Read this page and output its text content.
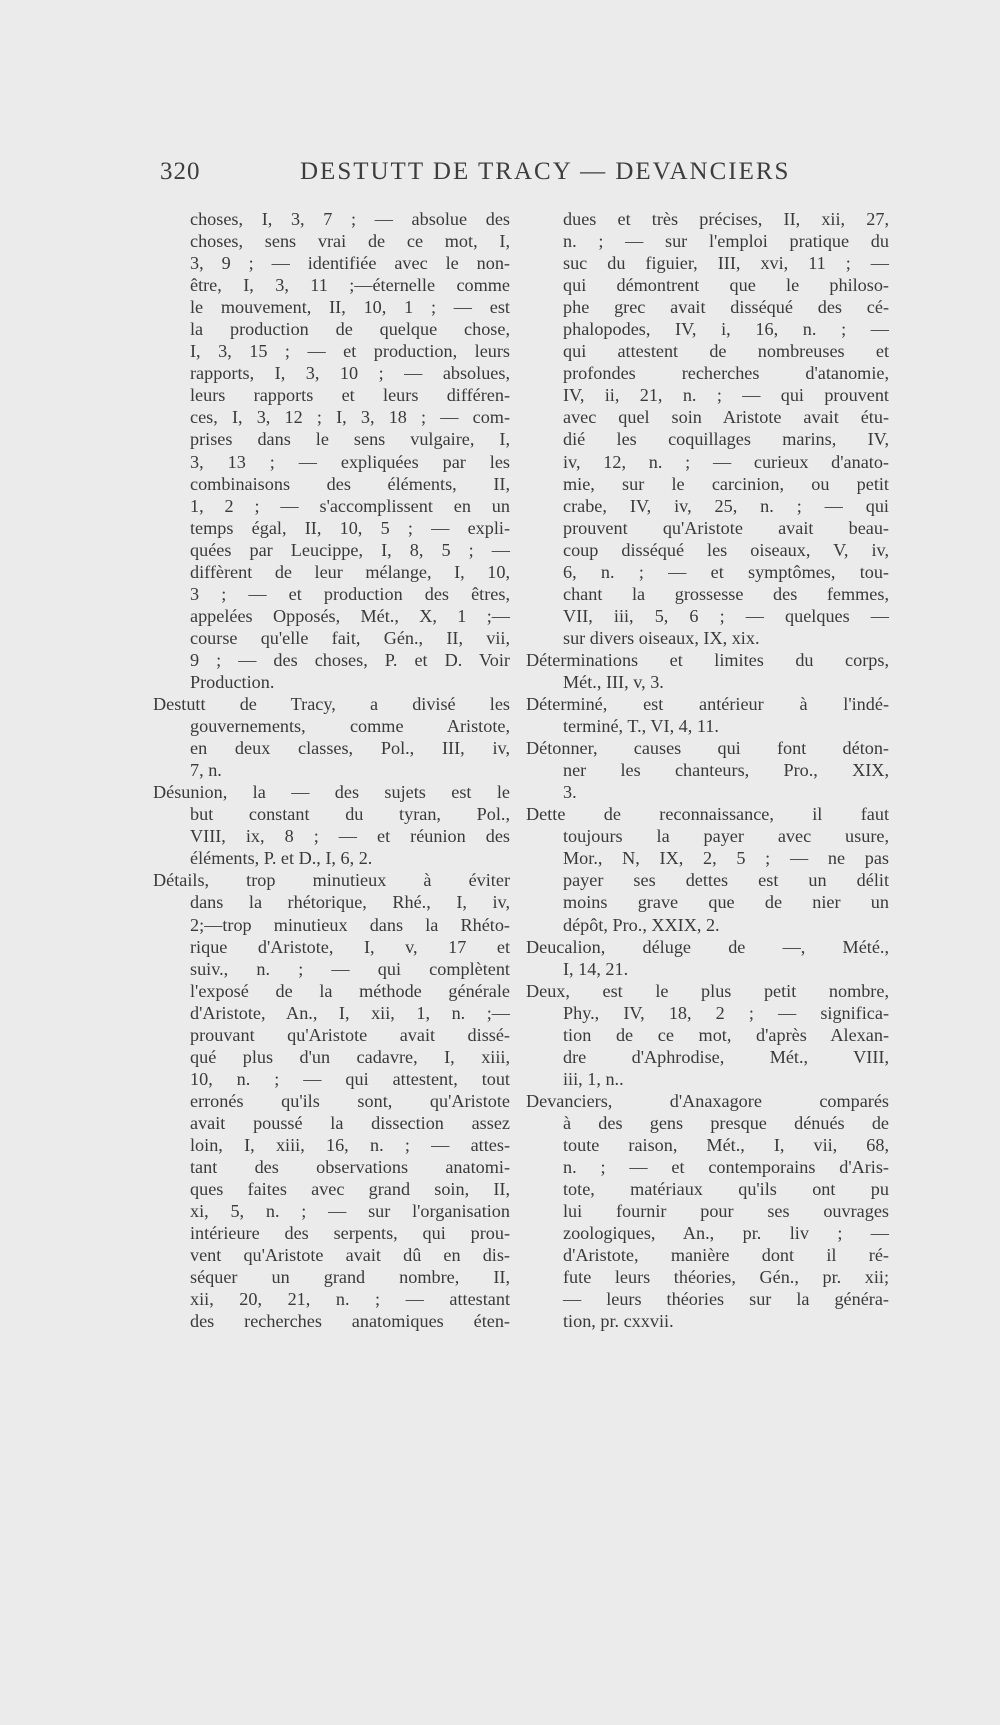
320	DESTUTT DE TRACY — DEVANCIERS
choses, I, 3, 7 ; — absolue des
choses, sens vrai de ce mot, I,
3, 9 ; — identifiée avec le non-
être, I, 3, 11 ;—éternelle comme
le mouvement, II, 10, 1 ; — est
la production de quelque chose,
I, 3, 15 ; — et production, leurs
rapports, I, 3, 10 ; — absolues,
leurs rapports et leurs différen-
ces, I, 3, 12 ; I, 3, 18 ; — com-
prises dans le sens vulgaire, I,
3, 13 ; — expliquées par les
combinaisons des éléments, II,
1, 2 ; — s'accomplissent en un
temps égal, II, 10, 5 ; — expli-
quées par Leucippe, I, 8, 5 ; —
diffèrent de leur mélange, I, 10,
3 ; — et production des êtres,
appelées Opposés, Mét., X, 1 ;—
course qu'elle fait, Gén., II, vii,
9 ; — des choses, P. et D. Voir
Production.
Destutt de Tracy, a divisé les
gouvernements, comme Aristote,
en deux classes, Pol., III, iv,
7, n.
Désunion, la — des sujets est le
but constant du tyran, Pol.,
VIII, ix, 8 ; — et réunion des
éléments, P. et D., I, 6, 2.
Détails, trop minutieux à éviter
dans la rhétorique, Rhé., I, iv,
2;—trop minutieux dans la Rhéto-
rique d'Aristote, I, v, 17 et
suiv., n. ; — qui complètent
l'exposé de la méthode générale
d'Aristote, An., I, xii, 1, n. ;—
prouvant qu'Aristote avait dissé-
qué plus d'un cadavre, I, xiii,
10, n. ; — qui attestent, tout
erronés qu'ils sont, qu'Aristote
avait poussé la dissection assez
loin, I, xiii, 16, n. ; — attes-
tant des observations anatomi-
ques faites avec grand soin, II,
xi, 5, n. ; — sur l'organisation
intérieure des serpents, qui prou-
vent qu'Aristote avait dû en dis-
séquer un grand nombre, II,
xii, 20, 21, n. ; — attestant
des recherches anatomiques éten-
dues et très précises, II, xii, 27,
n. ; — sur l'emploi pratique du
suc du figuier, III, xvi, 11 ; —
qui démontrent que le philoso-
phe grec avait disséqué des cé-
phalopodes, IV, i, 16, n. ; —
qui attestent de nombreuses et
profondes recherches d'atanomie,
IV, ii, 21, n. ; — qui prouvent
avec quel soin Aristote avait étu-
dié les coquillages marins, IV,
iv, 12, n. ; — curieux d'anato-
mie, sur le carcinion, ou petit
crabe, IV, iv, 25, n. ; — qui
prouvent qu'Aristote avait beau-
coup disséqué les oiseaux, V, iv,
6, n. ; — et symptômes, tou-
chant la grossesse des femmes,
VII, iii, 5, 6 ; — quelques —
sur divers oiseaux, IX, xix.
Déterminations et limites du corps,
Mét., III, v, 3.
Déterminé, est antérieur à l'indé-
terminé, T., VI, 4, 11.
Détonner, causes qui font déton-
ner les chanteurs, Pro., XIX,
3.
Dette de reconnaissance, il faut
toujours la payer avec usure,
Mor., N, IX, 2, 5 ; — ne pas
payer ses dettes est un délit
moins grave que de nier un
dépôt, Pro., XXIX, 2.
Deucalion, déluge de —, Mété.,
I, 14, 21.
Deux, est le plus petit nombre,
Phy., IV, 18, 2 ; — significa-
tion de ce mot, d'après Alexan-
dre d'Aphrodise, Mét., VIII,
iii, 1, n..
Devanciers, d'Anaxagore comparés
à des gens presque dénués de
toute raison, Mét., I, vii, 68,
n. ; — et contemporains d'Aris-
tote, matériaux qu'ils ont pu
lui fournir pour ses ouvrages
zoologiques, An., pr. liv ; —
d'Aristote, manière dont il ré-
fute leurs théories, Gén., pr. xii;
— leurs théories sur la généra-
tion, pr. cxxvii.
